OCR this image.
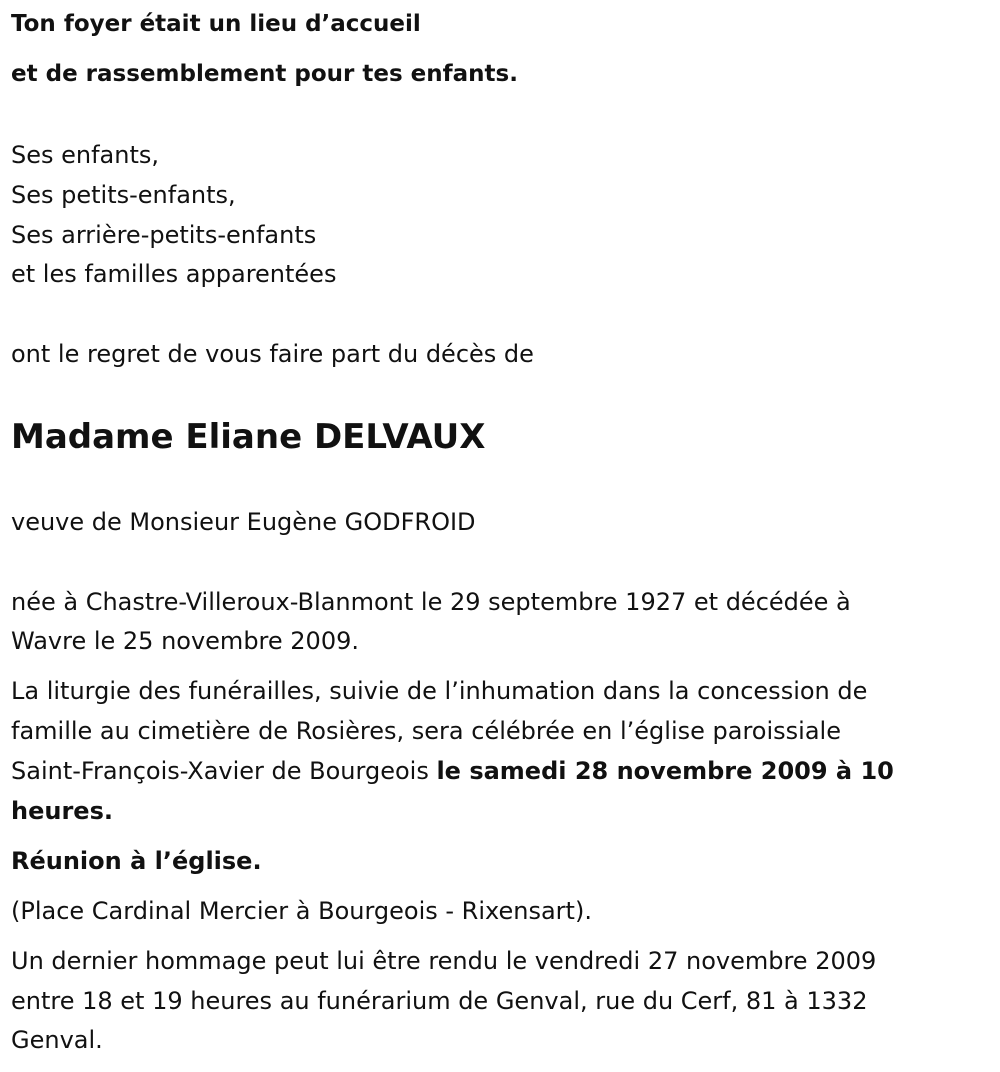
Ton foyer était un lieu d’accueil
et de rassemblement pour tes enfants.
Ses enfants,
Ses petits-enfants,
Ses arrière-petits-enfants
et les familles apparentées
ont le regret de vous faire part du décès de
Madame Eliane DELVAUX
veuve de Monsieur Eugène GODFROID
née à Chastre-Villeroux-Blanmont le 29 septembre 1927 et décédée à
Wavre le 25 novembre 2009.
La liturgie des funérailles, suivie de l’inhumation dans la concession de
famille au cimetière de Rosières, sera célébrée en l’église paroissiale
Saint-François-Xavier de Bourgeois le samedi 28 novembre 2009 à 10
heures.
Réunion à l’église.
(Place Cardinal Mercier à Bourgeois - Rixensart).
Un dernier hommage peut lui être rendu le vendredi 27 novembre 2009
entre 18 et 19 heures au funérarium de Genval, rue du Cerf, 81 à 1332
Genval.
